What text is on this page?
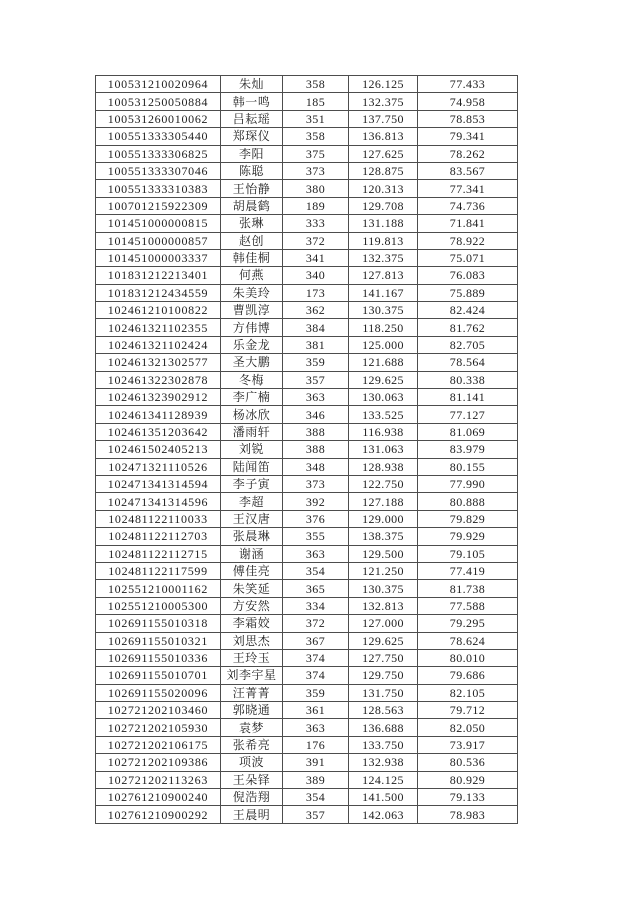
100531210020964	朱灿	358	126.125	77.433
100531250050884	韩一鸣	185	132.375	74.958
100531260010062	吕耘瑶	351	137.750	78.853
100551333305440	郑琛仪	358	136.813	79.341
100551333306825	李阳	375	127.625	78.262
100551333307046	陈聪	373	128.875	83.567
100551333310383	王怡静	380	120.313	77.341
100701215922309	胡晨鹤	189	129.708	74.736
101451000000815	张琳	333	131.188	71.841
101451000000857	赵创	372	119.813	78.922
101451000003337	韩佳桐	341	132.375	75.071
101831212213401	何燕	340	127.813	76.083
101831212434559	朱美玲	173	141.167	75.889
102461210100822	曹凯淳	362	130.375	82.424
102461321102355	方伟博	384	118.250	81.762
102461321102424	乐金龙	381	125.000	82.705
102461321302577	圣大鹏	359	121.688	78.564
102461322302878	冬梅	357	129.625	80.338
102461323902912	李广楠	363	130.063	81.141
102461341128939	杨冰欣	346	133.525	77.127
102461351203642	潘雨轩	388	116.938	81.069
102461502405213	刘锐	388	131.063	83.979
102471321110526	陆闻笛	348	128.938	80.155
102471341314594	李子寅	373	122.750	77.990
102471341314596	李超	392	127.188	80.888
102481122110033	王汉唐	376	129.000	79.829
102481122112703	张晨琳	355	138.375	79.929
102481122112715	谢涵	363	129.500	79.105
102481122117599	傅佳亮	354	121.250	77.419
102551210001162	朱笑延	365	130.375	81.738
102551210005300	方安然	334	132.813	77.588
102691155010318	李霜姣	372	127.000	79.295
102691155010321	刘思杰	367	129.625	78.624
102691155010336	王玲玉	374	127.750	80.010
102691155010701	刘李宇星	374	129.750	79.686
102691155020096	汪菁菁	359	131.750	82.105
102721202103460	郭晓通	361	128.563	79.712
102721202105930	袁梦	363	136.688	82.050
102721202106175	张希亮	176	133.750	73.917
102721202109386	项波	391	132.938	80.536
102721202113263	王朵铎	389	124.125	80.929
102761210900240	倪浩翔	354	141.500	79.133
102761210900292	王晨明	357	142.063	78.983
